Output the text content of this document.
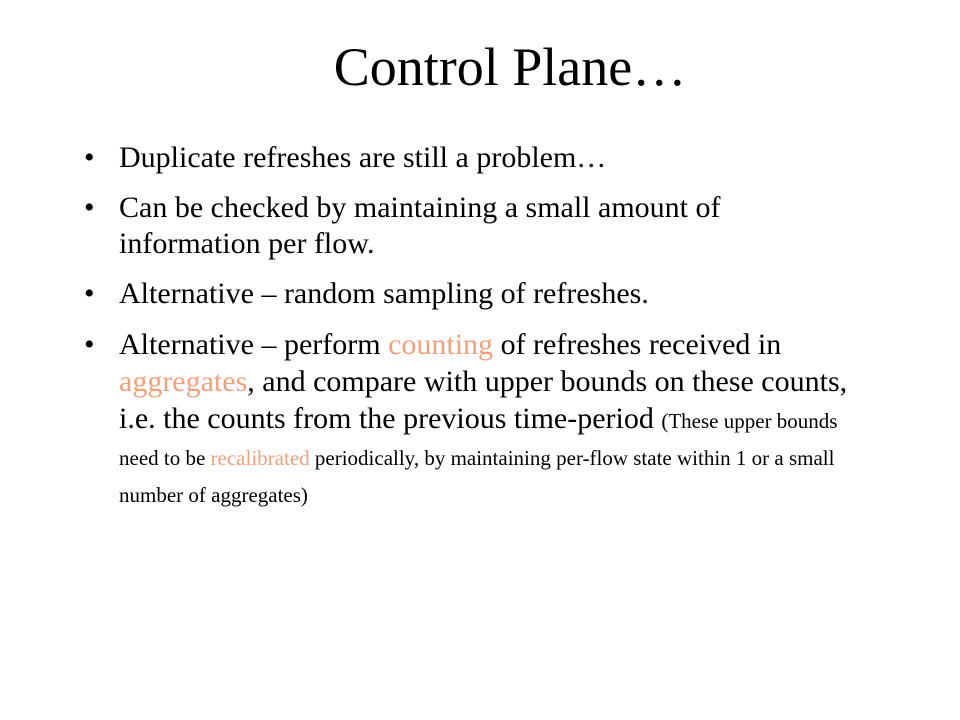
Control Plane…
• Duplicate refreshes are still a problem…
• Can be checked by maintaining a small amount of information per flow.
• Alternative – random sampling of refreshes.
• Alternative – perform counting of refreshes received in aggregates, and compare with upper bounds on these counts, i.e. the counts from the previous time-period (These upper bounds need to be recalibrated periodically, by maintaining per-flow state within 1 or a small number of aggregates)
